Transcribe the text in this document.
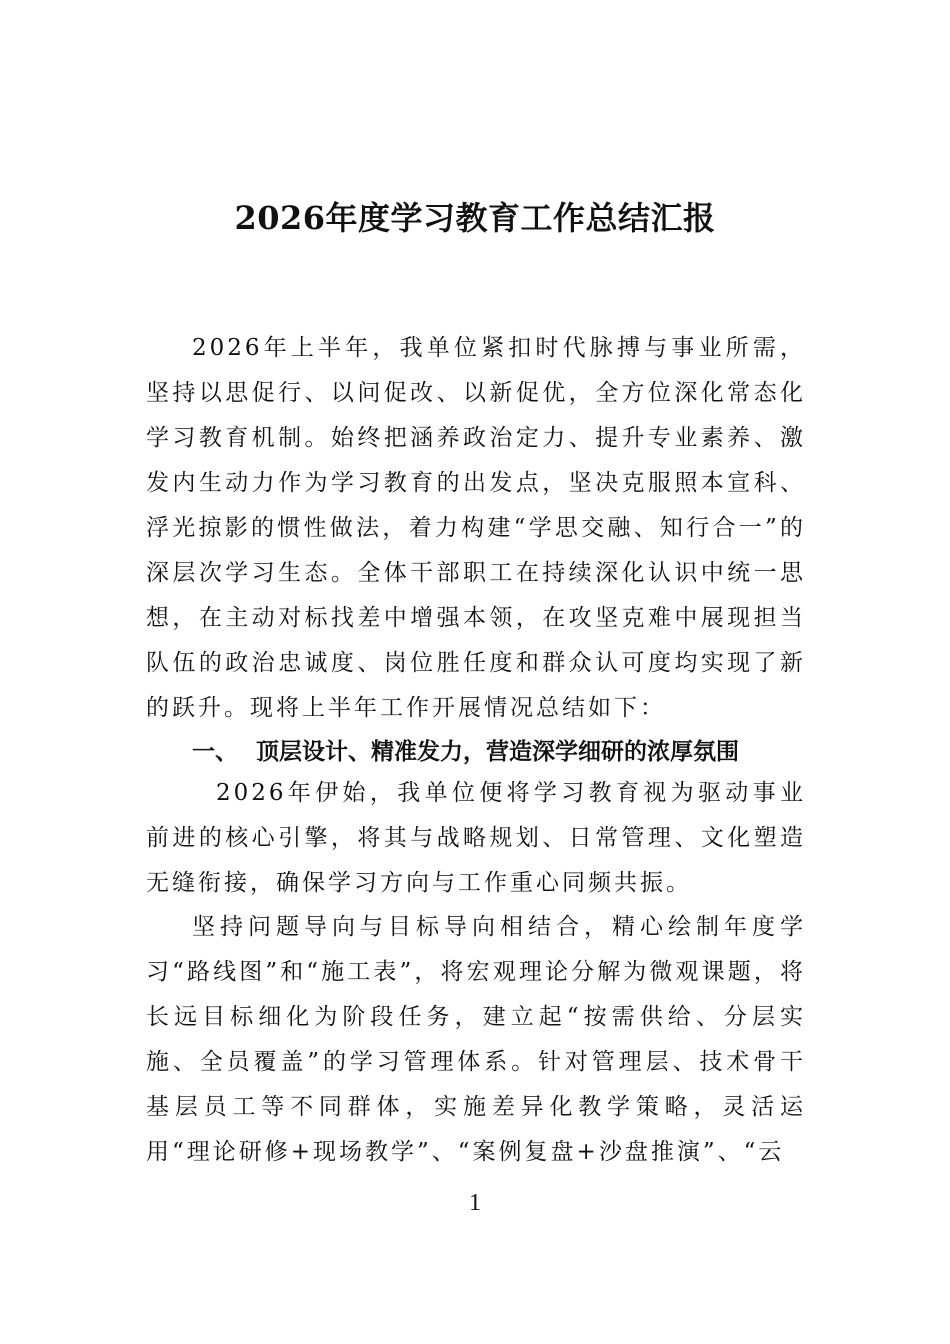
2026年度学习教育工作总结汇报

2026年上半年，我单位紧扣时代脉搏与事业所需，坚持以思促行、以问促改、以新促优，全方位深化常态化学习教育机制。始终把涵养政治定力、提升专业素养、激发内生动力作为学习教育的出发点，坚决克服照本宣科、浮光掠影的惯性做法，着力构建“学思交融、知行合一”的深层次学习生态。全体干部职工在持续深化认识中统一思想，在主动对标找差中增强本领，在攻坚克难中展现担当队伍的政治忠诚度、岗位胜任度和群众认可度均实现了新的跃升。现将上半年工作开展情况总结如下：

一、 顶层设计、精准发力，营造深学细研的浓厚氛围

2026年伊始，我单位便将学习教育视为驱动事业前进的核心引擎，将其与战略规划、日常管理、文化塑造无缝衔接，确保学习方向与工作重心同频共振。

坚持问题导向与目标导向相结合，精心绘制年度学习“路线图”和“施工表”，将宏观理论分解为微观课题，将长远目标细化为阶段任务，建立起“按需供给、分层实施、全员覆盖”的学习管理体系。针对管理层、技术骨干基层员工等不同群体，实施差异化教学策略，灵活运用“理论研修+现场教学”、“案例复盘+沙盘推演”、“云

1
